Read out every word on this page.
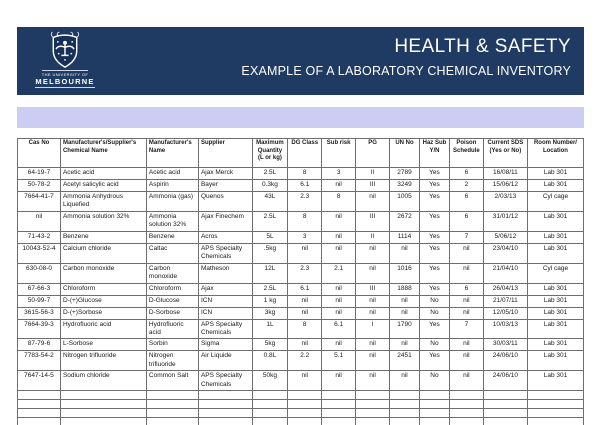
THE UNIVERSITY OF
MELBOURNE
HEALTH & SAFETY
EXAMPLE OF A LABORATORY CHEMICAL INVENTORY
Cas No	Manufacturer's/Supplier's Chemical Name	Manufacturer's Name	Supplier	Maximum Quantity (L or kg)	DG Class	Sub risk	PG	UN No	Haz Sub Y/N	Poison Schedule	Current SDS (Yes or No)	Room Number/ Location
64-19-7	Acetic acid	Acetic acid	Ajax Merck	2.5L	8	3	II	2789	Yes	6	16/08/11	Lab 301
50-78-2	Acetyl salicylic acid	Aspirin	Bayer	0.3kg	6.1	nil	III	3249	Yes	2	15/06/12	Lab 301
7664-41-7	Ammonia Anhydrous Liquefied	Ammonia (gas)	Quenos	43L	2.3	8	nil	1005	Yes	6	2/03/13	Cyl cage
nil	Ammonia solution 32%	Ammonia solution 32%	Ajax Finechem	2.5L	8	nil	III	2672	Yes	6	31/01/12	Lab 301
71-43-2	Benzene	Benzene	Acros	5L	3	nil	II	1114	Yes	7	5/06/12	Lab 301
10043-52-4	Calcium chloride	Caltac	APS Specialty Chemicals	.5kg	nil	nil	nil	nil	Yes	nil	23/04/10	Lab 301
630-08-0	Carbon monoxide	Carbon monoxide	Matheson	12L	2.3	2.1	nil	1016	Yes	nil	21/04/10	Cyl cage
67-66-3	Chloroform	Chloroform	Ajax	2.5L	6.1	nil	III	1888	Yes	6	26/04/13	Lab 301
50-99-7	D-(+)Glucose	D-Glucose	ICN	1 kg	nil	nil	nil	nil	No	nil	21/07/11	Lab 301
3615-56-3	D-(+)Sorbose	D-Sorbose	ICN	3kg	nil	nil	nil	nil	No	nil	12/05/10	Lab 301
7664-39-3	Hydrofluoric acid	Hydrofluoric acid	APS Specialty Chemicals	1L	8	6.1	I	1790	Yes	7	10/03/13	Lab 301
87-79-6	L-Sorbose	Sorbin	Sigma	5kg	nil	nil	nil	nil	No	nil	30/03/11	Lab 301
7783-54-2	Nitrogen trifluoride	Nitrogen trifluoride	Air Liquide	0.8L	2.2	5.1	nil	2451	Yes	nil	24/06/10	Lab 301
7647-14-5	Sodium chloride	Common Salt	APS Specialty Chemicals	50kg	nil	nil	nil	nil	No	nil	24/06/10	Lab 301
